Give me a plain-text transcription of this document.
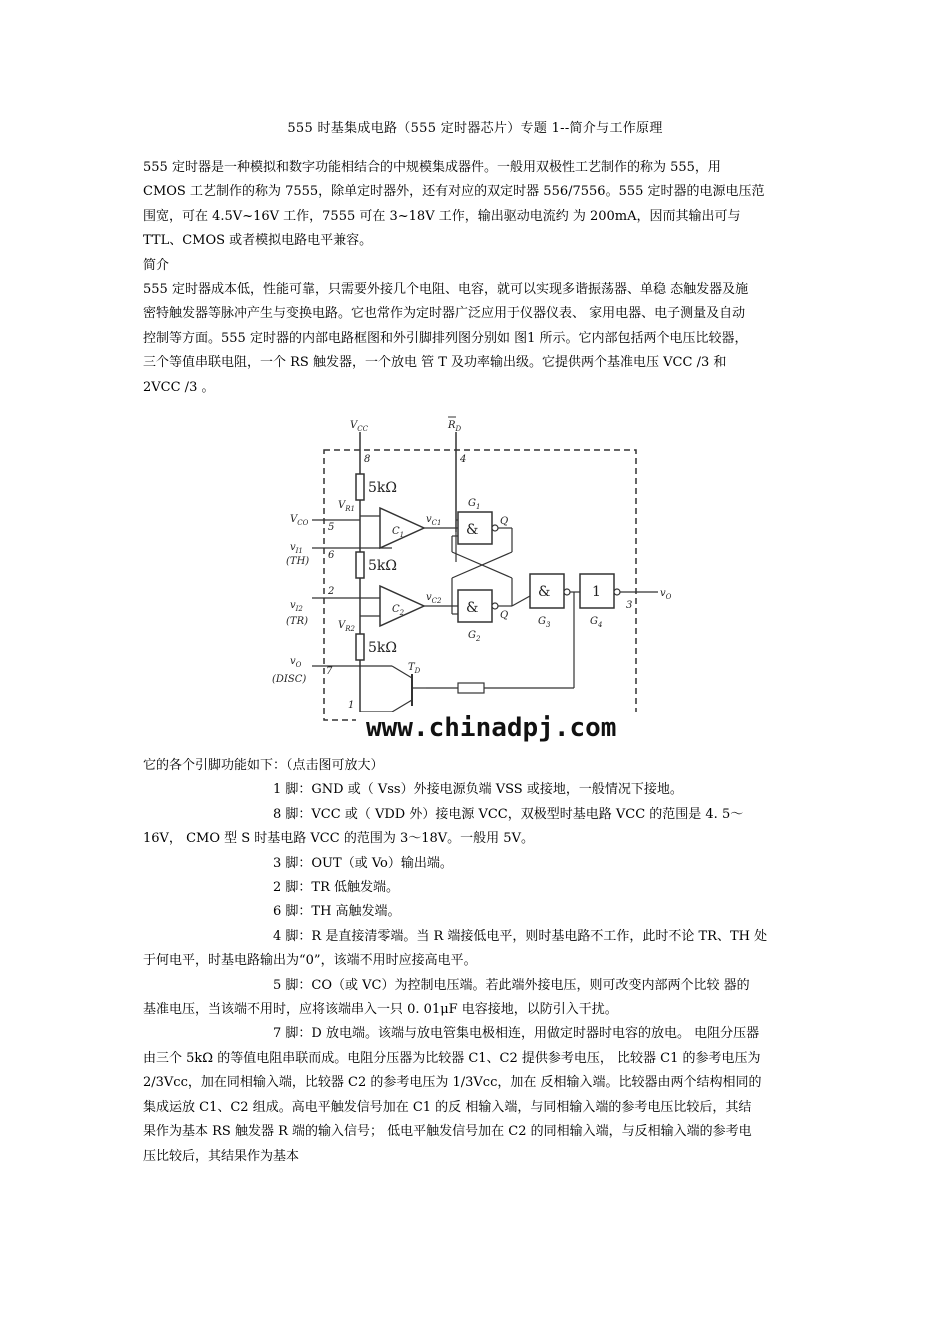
555 时基集成电路（555 定时器芯片）专题 1--简介与工作原理

555 定时器是一种模拟和数字功能相结合的中规模集成器件。一般用双极性工艺制作的称为 555，用

CMOS 工艺制作的称为 7555，除单定时器外，还有对应的双定时器 556/7556。555 定时器的电源电压范

围宽，可在 4.5V~16V 工作，7555 可在 3~18V 工作，输出驱动电流约 为 200mA，因而其输出可与

TTL、CMOS 或者模拟电路电平兼容。

简介

555 定时器成本低，性能可靠，只需要外接几个电阻、电容，就可以实现多谐振荡器、单稳 态触发器及施

密特触发器等脉冲产生与变换电路。它也常作为定时器广泛应用于仪器仪表、 家用电器、电子测量及自动

控制等方面。555 定时器的内部电路框图和外引脚排列图分别如 图1 所示。它内部包括两个电压比较器，

三个等值串联电阻，一个 RS 触发器，一个放电 管 T 及功率输出级。它提供两个基准电压 VCC /3 和

2VCC /3 。

$V_{CC}$
8
5kΩ
5kΩ
5kΩ
$R_D$
4
$V_{CO}$ 5
$v_{I1}$
(TH)
6
$v_{I2}$
(TR)
2
$V_{R1}$
$V_{R2}$
$C_1$
$C_2$
$v_{C1}$
$v_{C2}$
&
$G_1$
Q
&
$G_2$
Q
&
$G_3$
1
$G_4$
3
$v_O$
$T_D$
$v_O$
(DISC)
7
1
www.chinadpj.com

它的各个引脚功能如下：（点击图可放大）

1 脚：GND 或（ Vss）外接电源负端 VSS 或接地，一般情况下接地。

8 脚：VCC 或（ VDD 外）接电源 VCC，双极型时基电路 VCC 的范围是 4. 5～

16V， CMO 型 S 时基电路 VCC 的范围为 3～18V。一般用 5V。

3 脚：OUT（或 Vo）输出端。

2 脚：TR 低触发端。

6 脚：TH 高触发端。

4 脚：R 是直接清零端。当 R 端接低电平，则时基电路不工作，此时不论 TR、TH 处

于何电平，时基电路输出为“0”，该端不用时应接高电平。

5 脚：CO（或 VC）为控制电压端。若此端外接电压，则可改变内部两个比较 器的

基准电压，当该端不用时，应将该端串入一只 0. 01μF 电容接地，以防引入干扰。

7 脚：D 放电端。该端与放电管集电极相连，用做定时器时电容的放电。 电阻分压器

由三个 5kΩ 的等值电阻串联而成。电阻分压器为比较器 C1、C2 提供参考电压， 比较器 C1 的参考电压为

2/3Vcc，加在同相输入端，比较器 C2 的参考电压为 1/3Vcc，加在 反相输入端。比较器由两个结构相同的

集成运放 C1、C2 组成。高电平触发信号加在 C1 的反 相输入端，与同相输入端的参考电压比较后，其结

果作为基本 RS 触发器 R 端的输入信号； 低电平触发信号加在 C2 的同相输入端，与反相输入端的参考电

压比较后，其结果作为基本
